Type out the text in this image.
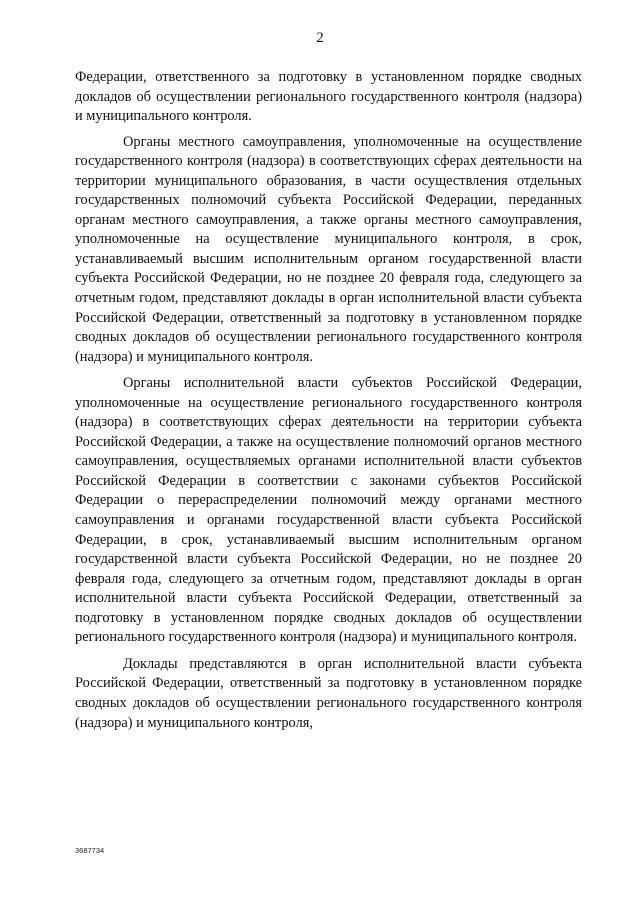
2

Федерации, ответственного за подготовку в установленном порядке сводных докладов об осуществлении регионального государственного контроля (надзора) и муниципального контроля.

Органы местного самоуправления, уполномоченные на осуществление государственного контроля (надзора) в соответствующих сферах деятельности на территории муниципального образования, в части осуществления отдельных государственных полномочий субъекта Российской Федерации, переданных органам местного самоуправления, а также органы местного самоуправления, уполномоченные на осуществление муниципального контроля, в срок, устанавливаемый высшим исполнительным органом государственной власти субъекта Российской Федерации, но не позднее 20 февраля года, следующего за отчетным годом, представляют доклады в орган исполнительной власти субъекта Российской Федерации, ответственный за подготовку в установленном порядке сводных докладов об осуществлении регионального государственного контроля (надзора) и муниципального контроля.

Органы исполнительной власти субъектов Российской Федерации, уполномоченные на осуществление регионального государственного контроля (надзора) в соответствующих сферах деятельности на территории субъекта Российской Федерации, а также на осуществление полномочий органов местного самоуправления, осуществляемых органами исполнительной власти субъектов Российской Федерации в соответствии с законами субъектов Российской Федерации о перераспределении полномочий между органами местного самоуправления и органами государственной власти субъекта Российской Федерации, в срок, устанавливаемый высшим исполнительным органом государственной власти субъекта Российской Федерации, но не позднее 20 февраля года, следующего за отчетным годом, представляют доклады в орган исполнительной власти субъекта Российской Федерации, ответственный за подготовку в установленном порядке сводных докладов об осуществлении регионального государственного контроля (надзора) и муниципального контроля.

Доклады представляются в орган исполнительной власти субъекта Российской Федерации, ответственный за подготовку в установленном порядке сводных докладов об осуществлении регионального государственного контроля (надзора) и муниципального контроля,

3687734
